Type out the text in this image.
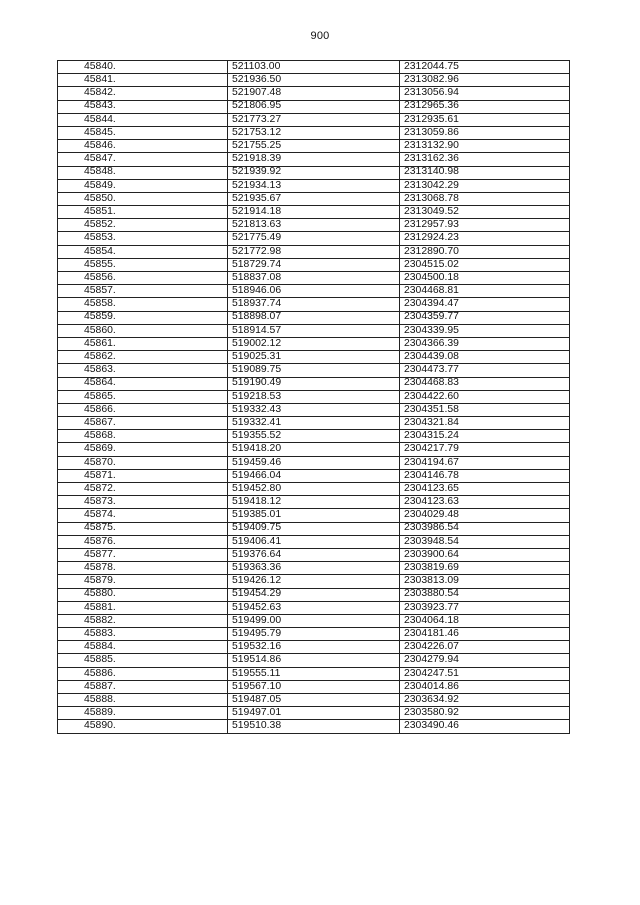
900
45840.	521103.00	2312044.75
45841.	521936.50	2313082.96
45842.	521907.48	2313056.94
45843.	521806.95	2312965.36
45844.	521773.27	2312935.61
45845.	521753.12	2313059.86
45846.	521755.25	2313132.90
45847.	521918.39	2313162.36
45848.	521939.92	2313140.98
45849.	521934.13	2313042.29
45850.	521935.67	2313068.78
45851.	521914.18	2313049.52
45852.	521813.63	2312957.93
45853.	521775.49	2312924.23
45854.	521772.98	2312890.70
45855.	518729.74	2304515.02
45856.	518837.08	2304500.18
45857.	518946.06	2304468.81
45858.	518937.74	2304394.47
45859.	518898.07	2304359.77
45860.	518914.57	2304339.95
45861.	519002.12	2304366.39
45862.	519025.31	2304439.08
45863.	519089.75	2304473.77
45864.	519190.49	2304468.83
45865.	519218.53	2304422.60
45866.	519332.43	2304351.58
45867.	519332.41	2304321.84
45868.	519355.52	2304315.24
45869.	519418.20	2304217.79
45870.	519459.46	2304194.67
45871.	519466.04	2304146.78
45872.	519452.80	2304123.65
45873.	519418.12	2304123.63
45874.	519385.01	2304029.48
45875.	519409.75	2303986.54
45876.	519406.41	2303948.54
45877.	519376.64	2303900.64
45878.	519363.36	2303819.69
45879.	519426.12	2303813.09
45880.	519454.29	2303880.54
45881.	519452.63	2303923.77
45882.	519499.00	2304064.18
45883.	519495.79	2304181.46
45884.	519532.16	2304226.07
45885.	519514.86	2304279.94
45886.	519555.11	2304247.51
45887.	519567.10	2304014.86
45888.	519487.05	2303634.92
45889.	519497.01	2303580.92
45890.	519510.38	2303490.46
